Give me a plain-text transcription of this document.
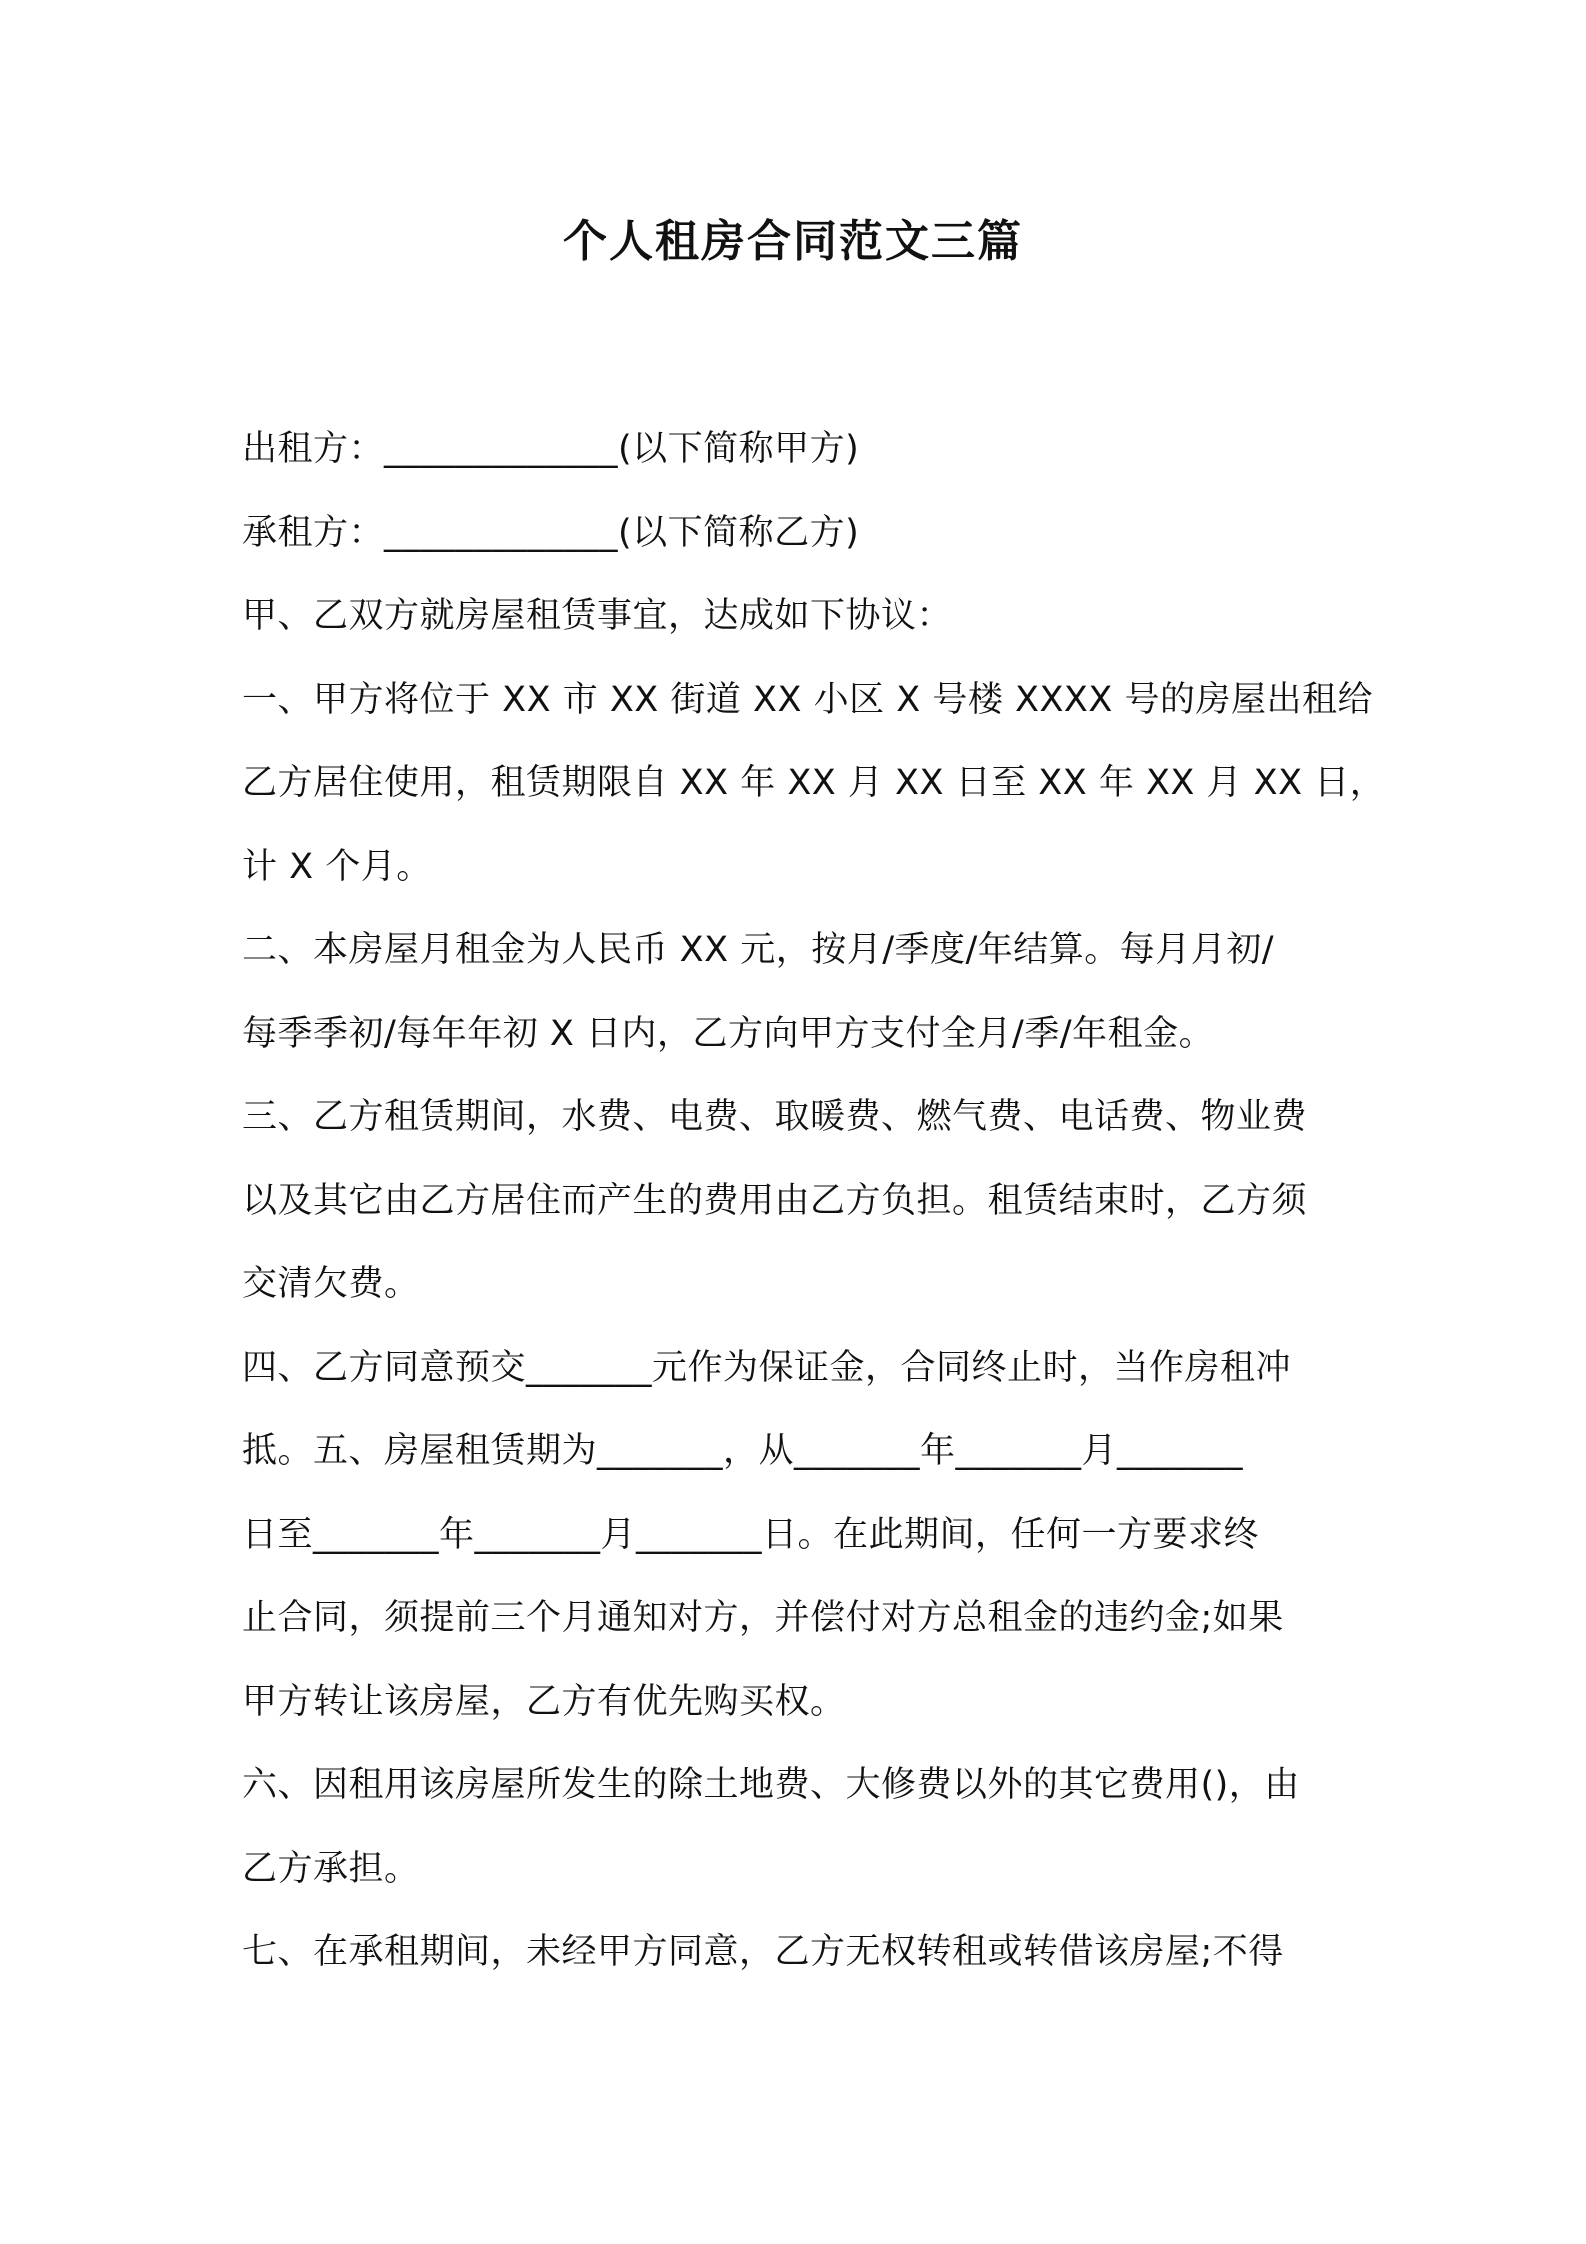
个人租房合同范文三篇
出租方：_____________(以下简称甲方)
承租方：_____________(以下简称乙方)
甲、乙双方就房屋租赁事宜，达成如下协议：
一、甲方将位于 XX 市 XX 街道 XX 小区 X 号楼 XXXX 号的房屋出租给
乙方居住使用，租赁期限自 XX 年 XX 月 XX 日至 XX 年 XX 月 XX 日，
计 X 个月。
二、本房屋月租金为人民币 XX 元，按月/季度/年结算。每月月初/
每季季初/每年年初 X 日内，乙方向甲方支付全月/季/年租金。
三、乙方租赁期间，水费、电费、取暖费、燃气费、电话费、物业费
以及其它由乙方居住而产生的费用由乙方负担。租赁结束时，乙方须
交清欠费。
四、乙方同意预交_______元作为保证金，合同终止时，当作房租冲
抵。五、房屋租赁期为_______，从_______年_______月_______
日至_______年_______月_______日。在此期间，任何一方要求终
止合同，须提前三个月通知对方，并偿付对方总租金的违约金;如果
甲方转让该房屋，乙方有优先购买权。
六、因租用该房屋所发生的除土地费、大修费以外的其它费用()，由
乙方承担。
七、在承租期间，未经甲方同意，乙方无权转租或转借该房屋;不得
